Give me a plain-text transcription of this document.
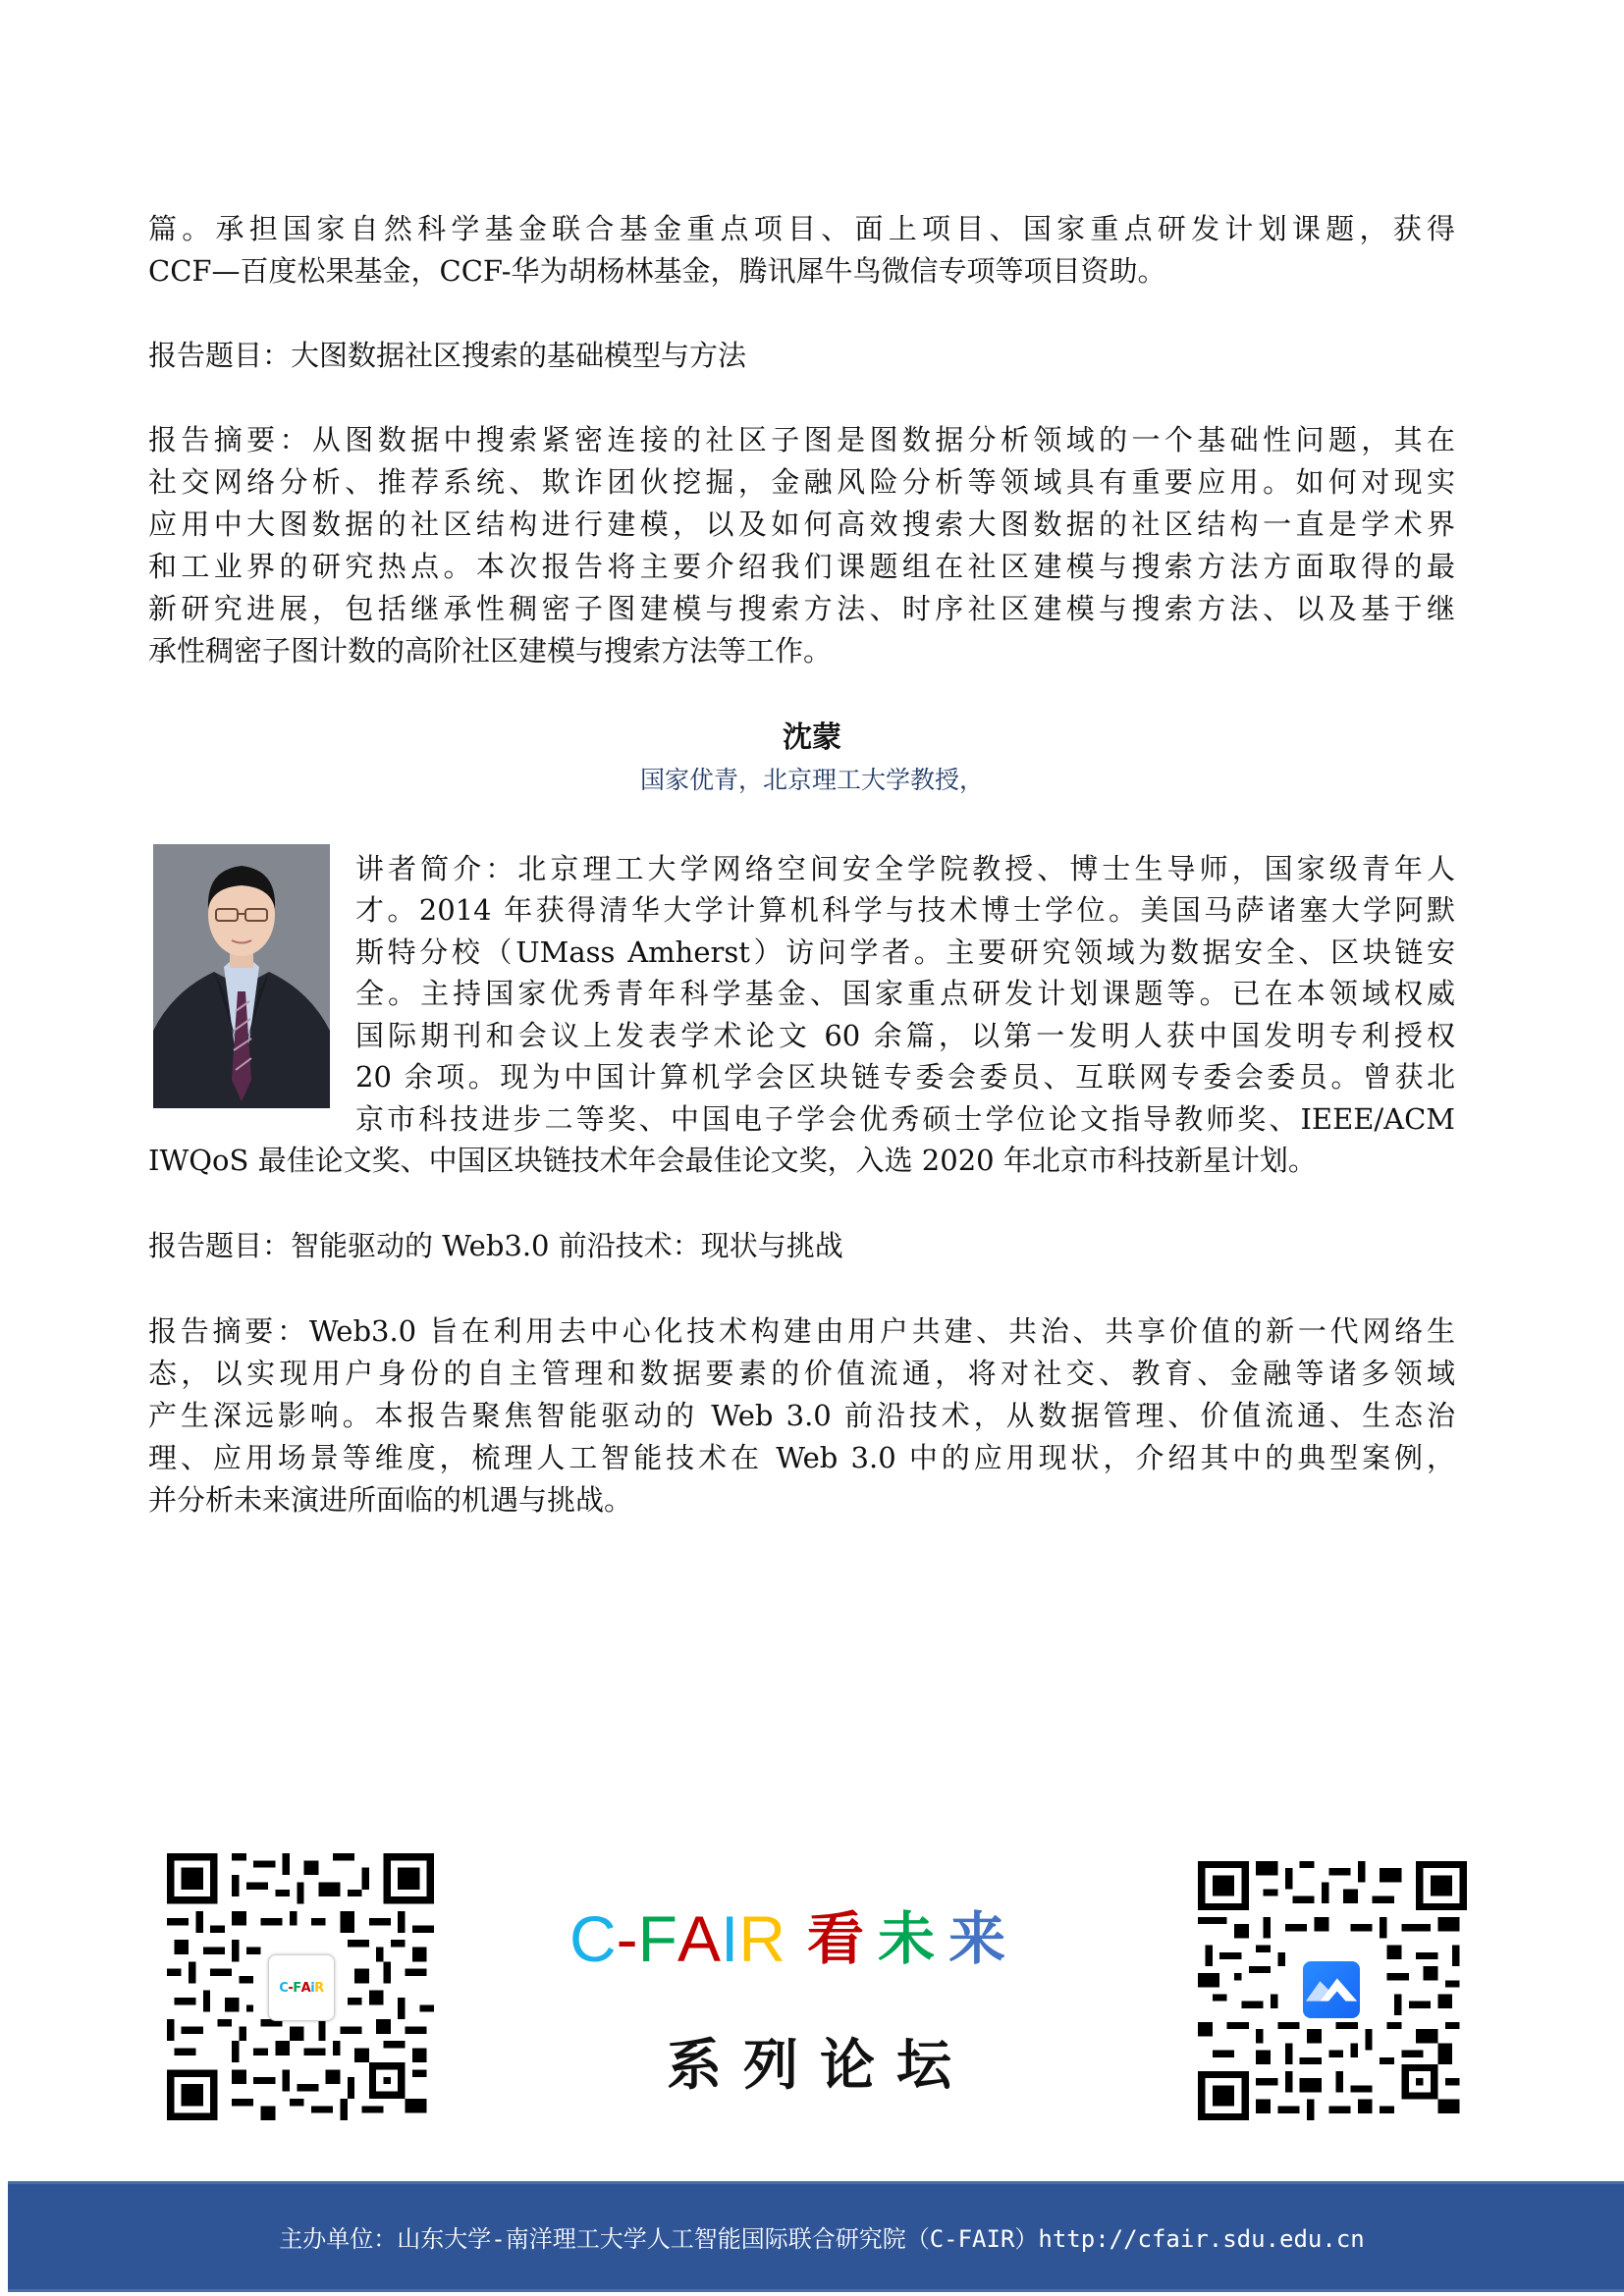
篇。承担国家自然科学基金联合基金重点项目、面上项目、国家重点研发计划课题，获得
CCF—百度松果基金，CCF-华为胡杨林基金，腾讯犀牛鸟微信专项等项目资助。
报告题目：大图数据社区搜索的基础模型与方法
报告摘要：从图数据中搜索紧密连接的社区子图是图数据分析领域的一个基础性问题，其在
社交网络分析、推荐系统、欺诈团伙挖掘，金融风险分析等领域具有重要应用。如何对现实
应用中大图数据的社区结构进行建模，以及如何高效搜索大图数据的社区结构一直是学术界
和工业界的研究热点。本次报告将主要介绍我们课题组在社区建模与搜索方法方面取得的最
新研究进展，包括继承性稠密子图建模与搜索方法、时序社区建模与搜索方法、以及基于继
承性稠密子图计数的高阶社区建模与搜索方法等工作。
沈蒙
国家优青，北京理工大学教授，
讲者简介：北京理工大学网络空间安全学院教授、博士生导师，国家级青年人
才。2014 年获得清华大学计算机科学与技术博士学位。美国马萨诸塞大学阿默
斯特分校（UMass Amherst）访问学者。主要研究领域为数据安全、区块链安
全。主持国家优秀青年科学基金、国家重点研发计划课题等。已在本领域权威
国际期刊和会议上发表学术论文 60 余篇，以第一发明人获中国发明专利授权
20 余项。现为中国计算机学会区块链专委会委员、互联网专委会委员。曾获北
京市科技进步二等奖、中国电子学会优秀硕士学位论文指导教师奖、IEEE/ACM
IWQoS 最佳论文奖、中国区块链技术年会最佳论文奖，入选 2020 年北京市科技新星计划。
报告题目：智能驱动的 Web3.0 前沿技术：现状与挑战
报告摘要：Web3.0 旨在利用去中心化技术构建由用户共建、共治、共享价值的新一代网络生
态，以实现用户身份的自主管理和数据要素的价值流通，将对社交、教育、金融等诸多领域
产生深远影响。本报告聚焦智能驱动的 Web 3.0 前沿技术，从数据管理、价值流通、生态治
理、应用场景等维度，梳理人工智能技术在 Web 3.0 中的应用现状，介绍其中的典型案例，
并分析未来演进所面临的机遇与挑战。
C - F A i R
C-FAIR 看未来
系列论坛
主办单位：山东大学-南洋理工大学人工智能国际联合研究院（C-FAIR）http://cfair.sdu.edu.cn
